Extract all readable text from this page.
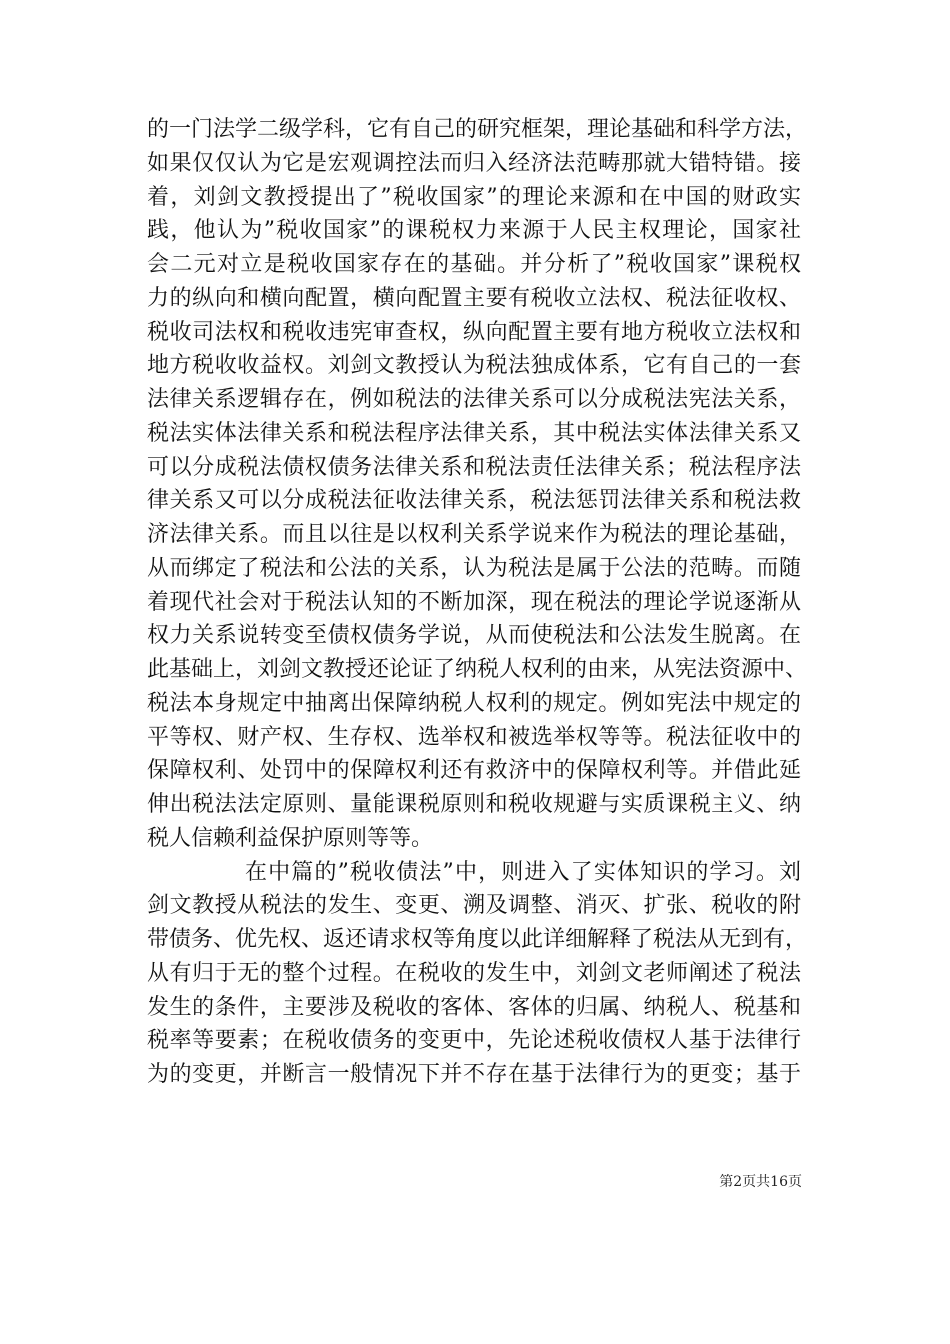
第2页共16页
的一门法学二级学科，它有自己的研究框架，理论基础和科学方法，
如果仅仅认为它是宏观调控法而归入经济法范畴那就大错特错。接
着，刘剑文教授提出了”税收国家”的理论来源和在中国的财政实
践，他认为”税收国家”的课税权力来源于人民主权理论，国家社
会二元对立是税收国家存在的基础。并分析了”税收国家”课税权
力的纵向和横向配置，横向配置主要有税收立法权、税法征收权、
税收司法权和税收违宪审查权，纵向配置主要有地方税收立法权和
地方税收收益权。刘剑文教授认为税法独成体系，它有自己的一套
法律关系逻辑存在，例如税法的法律关系可以分成税法宪法关系，
税法实体法律关系和税法程序法律关系，其中税法实体法律关系又
可以分成税法债权债务法律关系和税法责任法律关系；税法程序法
律关系又可以分成税法征收法律关系，税法惩罚法律关系和税法救
济法律关系。而且以往是以权利关系学说来作为税法的理论基础，
从而绑定了税法和公法的关系，认为税法是属于公法的范畴。而随
着现代社会对于税法认知的不断加深，现在税法的理论学说逐渐从
权力关系说转变至债权债务学说，从而使税法和公法发生脱离。在
此基础上，刘剑文教授还论证了纳税人权利的由来，从宪法资源中、
税法本身规定中抽离出保障纳税人权利的规定。例如宪法中规定的
平等权、财产权、生存权、选举权和被选举权等等。税法征收中的
保障权利、处罚中的保障权利还有救济中的保障权利等。并借此延
伸出税法法定原则、量能课税原则和税收规避与实质课税主义、纳
税人信赖利益保护原则等等。
在中篇的”税收债法”中，则进入了实体知识的学习。刘
剑文教授从税法的发生、变更、溯及调整、消灭、扩张、税收的附
带债务、优先权、返还请求权等角度以此详细解释了税法从无到有，
从有归于无的整个过程。在税收的发生中，刘剑文老师阐述了税法
发生的条件，主要涉及税收的客体、客体的归属、纳税人、税基和
税率等要素；在税收债务的变更中，先论述税收债权人基于法律行
为的变更，并断言一般情况下并不存在基于法律行为的更变；基于
